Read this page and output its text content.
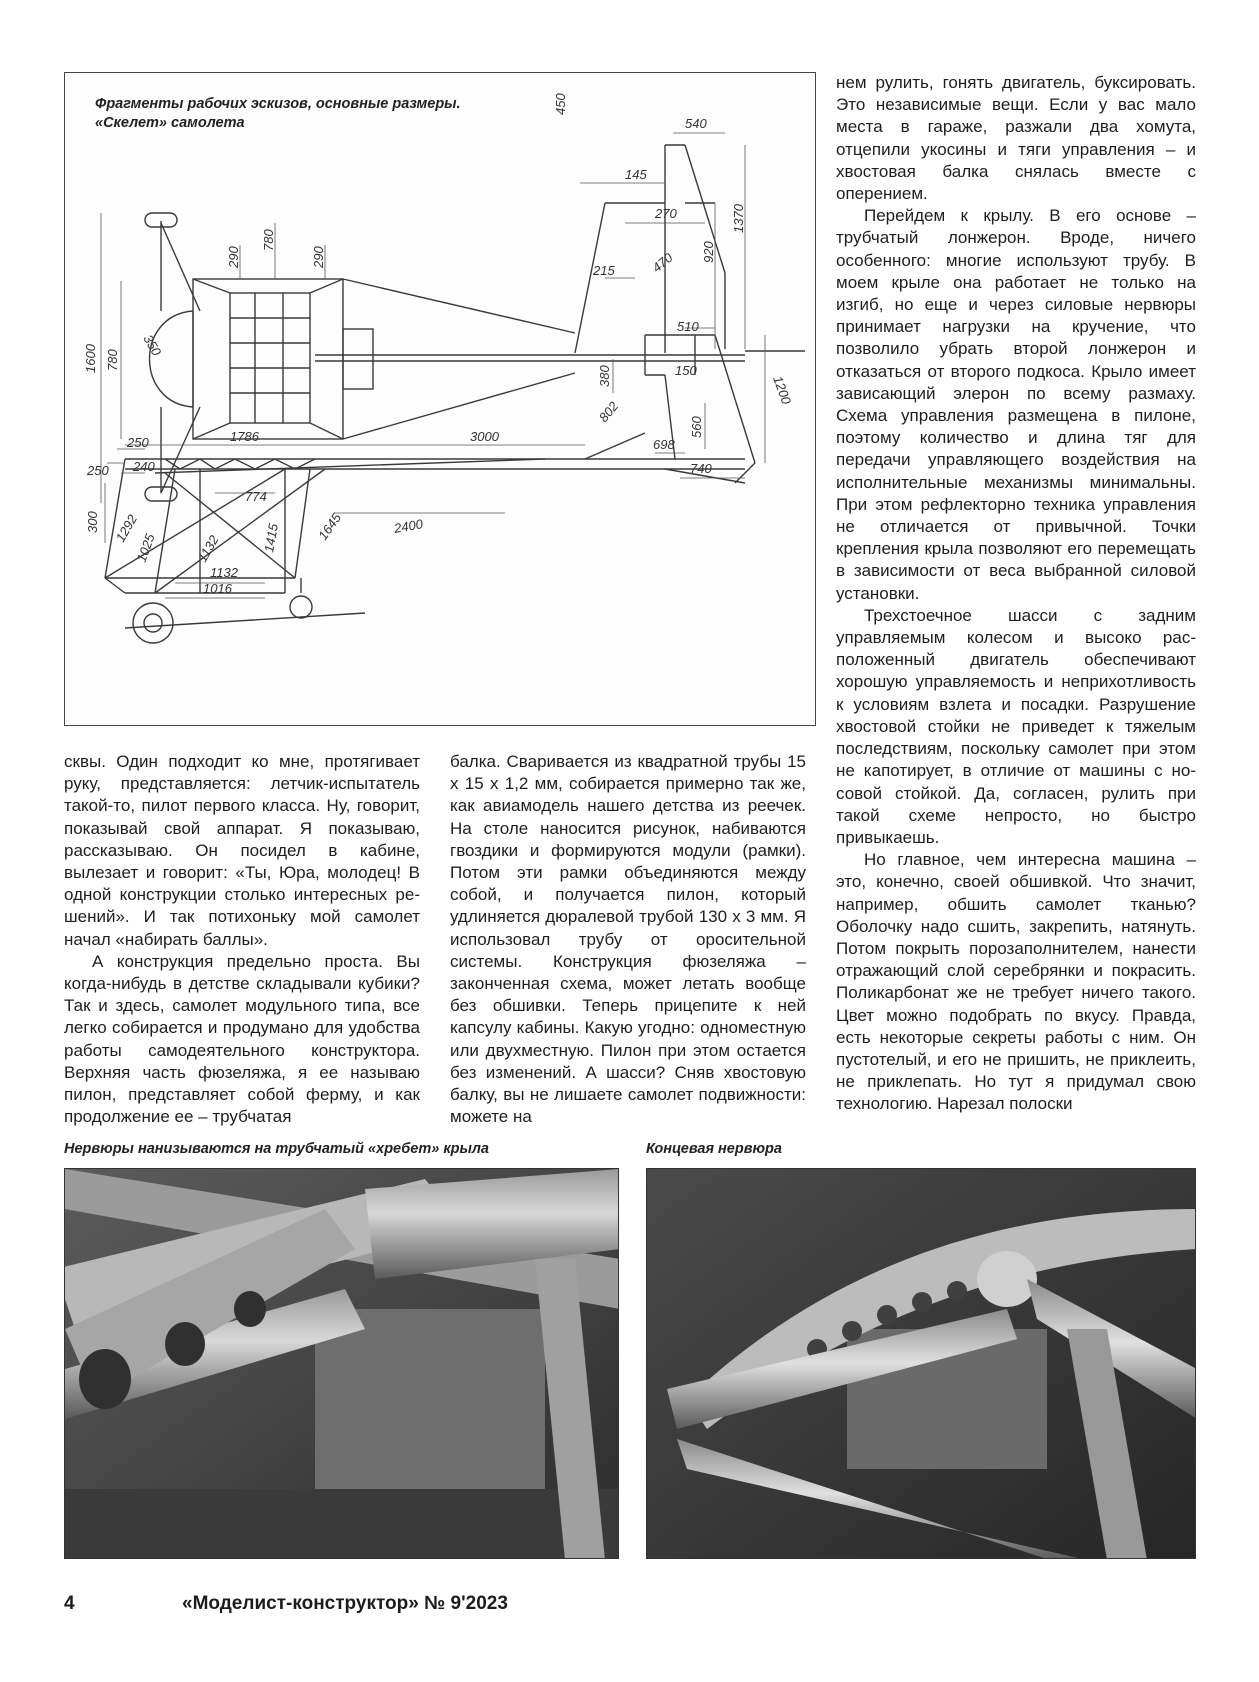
Фрагменты рабочих эскизов, основные размеры.
«Скелет» самолета
450
540
145
270	1370
920
470
215
290
780
290
1600 780
350
510
380	150
1200
802
560
698
740
3000
1786
250
250 240
300 1292
774
1132	1415	1645	2400
1025
1132
1016

нем рулить, гонять двигатель, буксировать. Это независимые вещи. Если у вас мало места в гараже, разжали два хомута, отцепили укосины и тяги управления – и хвостовая балка снялась вместе с оперением.

Перейдем к крылу. В его основе – трубчатый лонжерон. Вроде, ничего особенного: многие используют трубу. В моем крыле она работает не только на изгиб, но еще и через силовые нервюры принимает нагрузки на кручение, что позволило убрать второй лонжерон и отказаться от второго подкоса. Крыло имеет зависающий элерон по всему размаху. Схема управления размещена в пилоне, поэтому количество и длина тяг для передачи управляющего воздействия на исполнительные механизмы минимальны. При этом рефлекторно техника управления не отличается от привычной. Точки крепления крыла позволяют его перемещать в зависимости от веса выбранной силовой установки.

Трехстоечное шасси с задним управляемым колесом и высоко расположенный двигатель обеспечивают хорошую управляемость и неприхотливость к условиям взлета и посадки. Разрушение хвостовой стойки не приведет к тяжелым последствиям, поскольку самолет при этом не капотирует, в отличие от машины с носовой стойкой. Да, согласен, рулить при такой схеме непросто, но быстро привыкаешь.

Но главное, чем интересна машина – это, конечно, своей обшивкой. Что значит, например, обшить самолет тканью? Оболочку надо сшить, закрепить, натянуть. Потом покрыть порозаполнителем, нанести отражающий слой серебрянки и покрасить. Поликарбонат же не требует ничего такого. Цвет можно подобрать по вкусу. Правда, есть некоторые секреты работы с ним. Он пустотелый, и его не пришить, не приклеить, не приклепать. Но тут я придумал свою технологию. Нарезал полоски

сквы. Один подходит ко мне, протягивает руку, представляется: летчик-испытатель такой-то, пилот первого класса. Ну, говорит, показывай свой аппарат. Я показываю, рассказываю. Он посидел в кабине, вылезает и говорит: «Ты, Юра, молодец! В одной конструкции столько интересных решений». И так потихоньку мой самолет начал «набирать баллы».

А конструкция предельно проста. Вы когда-нибудь в детстве складывали кубики? Так и здесь, самолет модульного типа, все легко собирается и продумано для удобства работы самодеятельного конструктора. Верхняя часть фюзеляжа, я ее называю пилон, представляет собой ферму, и как продолжение ее – трубчатая

балка. Сваривается из квадратной трубы 15 х 15 х 1,2 мм, собирается примерно так же, как авиамодель нашего детства из реечек. На столе наносится рисунок, набиваются гвоздики и формируются модули (рамки). Потом эти рамки объединяются между собой, и получается пилон, который удлиняется дюралевой трубой 130 х 3 мм. Я использовал трубу от оросительной системы. Конструкция фюзеляжа – законченная схема, может летать вообще без обшивки. Теперь прицепите к ней капсулу кабины. Какую угодно: одноместную или двухместную. Пилон при этом остается без изменений. А шасси? Сняв хвостовую балку, вы не лишаете самолет подвижности: можете на

Нервюры нанизываются на трубчатый «хребет» крыла	Концевая нервюра
4	«Моделист-конструктор» № 9'2023
